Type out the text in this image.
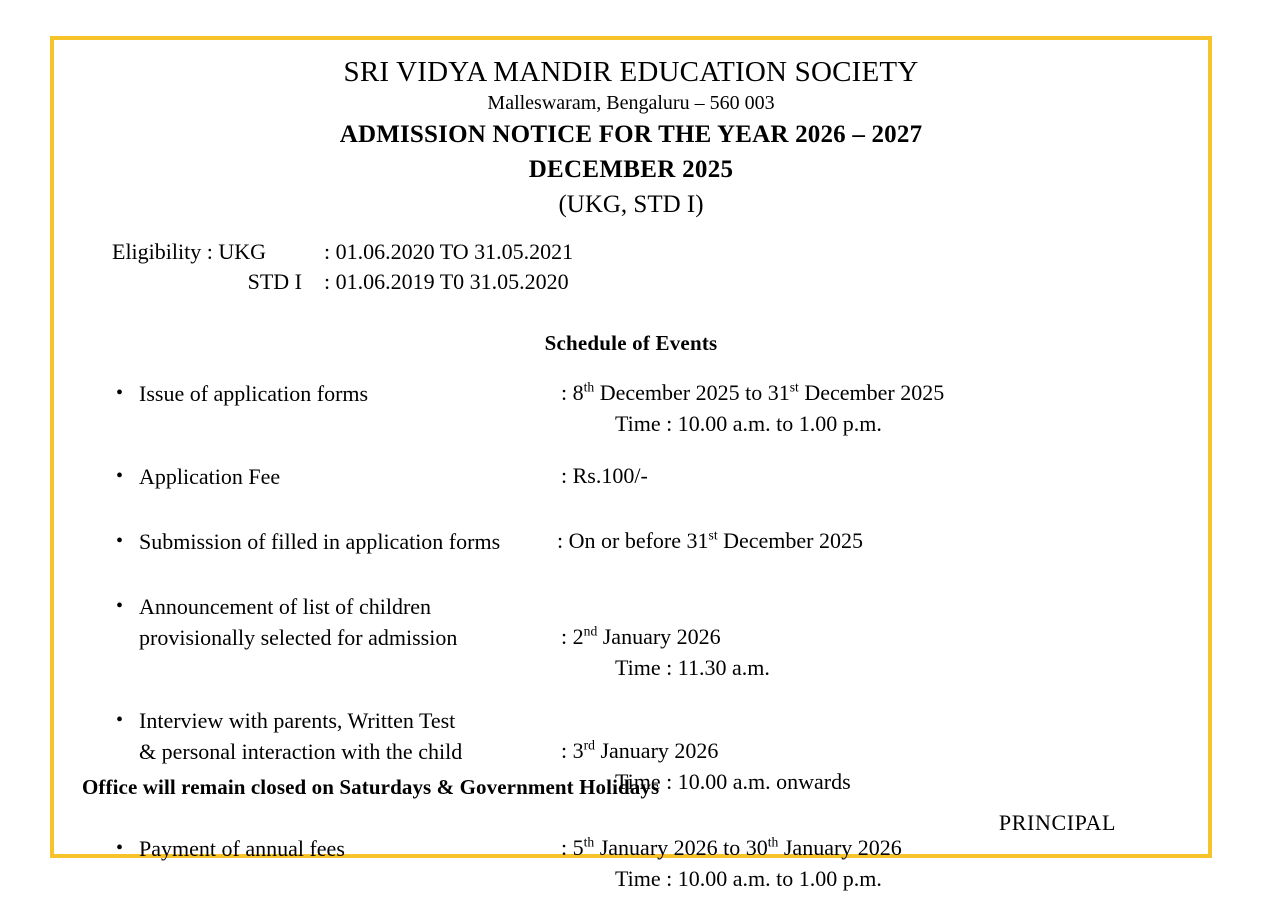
SRI VIDYA MANDIR EDUCATION SOCIETY
Malleswaram, Bengaluru – 560 003
ADMISSION NOTICE FOR THE YEAR 2026 – 2027
DECEMBER 2025
(UKG, STD I)
Eligibility : UKG	: 01.06.2020 TO 31.05.2021
STD I : 01.06.2019 T0 31.05.2020
Schedule of Events
• Issue of application forms	: 8th December 2025 to 31st December 2025
Time : 10.00 a.m. to 1.00 p.m.
• Application Fee	: Rs.100/-
• Submission of filled in application forms	: On or before 31st December 2025
• Announcement of list of children
provisionally selected for admission	: 2nd January 2026
Time : 11.30 a.m.
• Interview with parents, Written Test
& personal interaction with the child	: 3rd January 2026
Time : 10.00 a.m. onwards
• Payment of annual fees	: 5th January 2026 to 30th January 2026
Time : 10.00 a.m. to 1.00 p.m.
Office will remain closed on Saturdays & Government Holidays
PRINCIPAL
